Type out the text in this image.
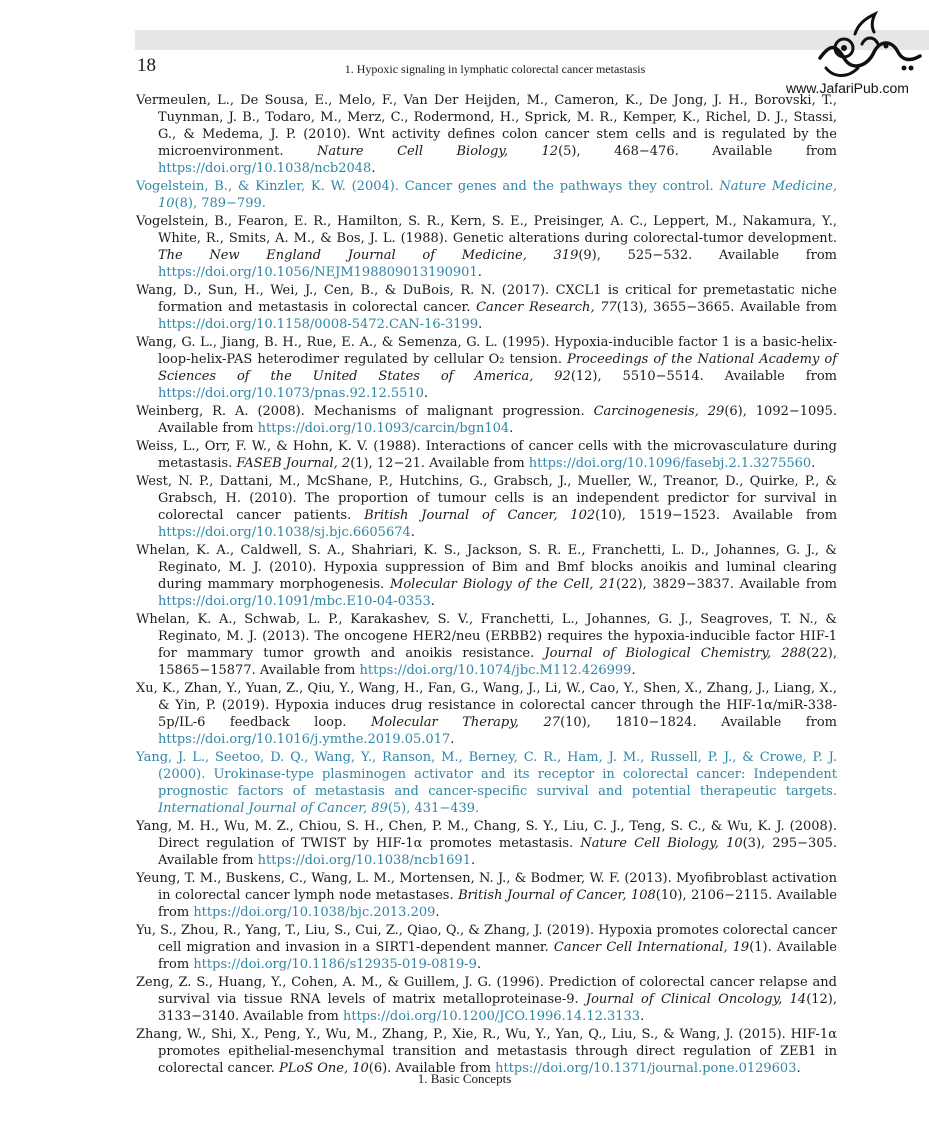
18	1. Hypoxic signaling in lymphatic colorectal cancer metastasis
www.JafariPub.com

Vermeulen, L., De Sousa, E., Melo, F., Van Der Heijden, M., Cameron, K., De Jong, J. H., Borovski, T., Tuynman, J. B., Todaro, M., Merz, C., Rodermond, H., Sprick, M. R., Kemper, K., Richel, D. J., Stassi, G., & Medema, J. P. (2010). Wnt activity defines colon cancer stem cells and is regulated by the microenvironment. Nature Cell Biology, 12(5), 468−476. Available from https://doi.org/10.1038/ncb2048.

Vogelstein, B., & Kinzler, K. W. (2004). Cancer genes and the pathways they control. Nature Medicine, 10(8), 789−799.

Vogelstein, B., Fearon, E. R., Hamilton, S. R., Kern, S. E., Preisinger, A. C., Leppert, M., Nakamura, Y., White, R., Smits, A. M., & Bos, J. L. (1988). Genetic alterations during colorectal-tumor development. The New England Journal of Medicine, 319(9), 525−532. Available from https://doi.org/10.1056/NEJM198809013190901.

Wang, D., Sun, H., Wei, J., Cen, B., & DuBois, R. N. (2017). CXCL1 is critical for premetastatic niche formation and metastasis in colorectal cancer. Cancer Research, 77(13), 3655−3665. Available from https://doi.org/10.1158/0008-5472.CAN-16-3199.

Wang, G. L., Jiang, B. H., Rue, E. A., & Semenza, G. L. (1995). Hypoxia-inducible factor 1 is a basic-helix-loop-helix-PAS heterodimer regulated by cellular O₂ tension. Proceedings of the National Academy of Sciences of the United States of America, 92(12), 5510−5514. Available from https://doi.org/10.1073/pnas.92.12.5510.

Weinberg, R. A. (2008). Mechanisms of malignant progression. Carcinogenesis, 29(6), 1092−1095. Available from https://doi.org/10.1093/carcin/bgn104.

Weiss, L., Orr, F. W., & Hohn, K. V. (1988). Interactions of cancer cells with the microvasculature during metastasis. FASEB Journal, 2(1), 12−21. Available from https://doi.org/10.1096/fasebj.2.1.3275560.

West, N. P., Dattani, M., McShane, P., Hutchins, G., Grabsch, J., Mueller, W., Treanor, D., Quirke, P., & Grabsch, H. (2010). The proportion of tumour cells is an independent predictor for survival in colorectal cancer patients. British Journal of Cancer, 102(10), 1519−1523. Available from https://doi.org/10.1038/sj.bjc.6605674.

Whelan, K. A., Caldwell, S. A., Shahriari, K. S., Jackson, S. R. E., Franchetti, L. D., Johannes, G. J., & Reginato, M. J. (2010). Hypoxia suppression of Bim and Bmf blocks anoikis and luminal clearing during mammary morphogenesis. Molecular Biology of the Cell, 21(22), 3829−3837. Available from https://doi.org/10.1091/mbc.E10-04-0353.

Whelan, K. A., Schwab, L. P., Karakashev, S. V., Franchetti, L., Johannes, G. J., Seagroves, T. N., & Reginato, M. J. (2013). The oncogene HER2/neu (ERBB2) requires the hypoxia-inducible factor HIF-1 for mammary tumor growth and anoikis resistance. Journal of Biological Chemistry, 288(22), 15865−15877. Available from https://doi.org/10.1074/jbc.M112.426999.

Xu, K., Zhan, Y., Yuan, Z., Qiu, Y., Wang, H., Fan, G., Wang, J., Li, W., Cao, Y., Shen, X., Zhang, J., Liang, X., & Yin, P. (2019). Hypoxia induces drug resistance in colorectal cancer through the HIF-1α/miR-338-5p/IL-6 feedback loop. Molecular Therapy, 27(10), 1810−1824. Available from https://doi.org/10.1016/j.ymthe.2019.05.017.

Yang, J. L., Seetoo, D. Q., Wang, Y., Ranson, M., Berney, C. R., Ham, J. M., Russell, P. J., & Crowe, P. J. (2000). Urokinase-type plasminogen activator and its receptor in colorectal cancer: Independent prognostic factors of metastasis and cancer-specific survival and potential therapeutic targets. International Journal of Cancer, 89(5), 431−439.

Yang, M. H., Wu, M. Z., Chiou, S. H., Chen, P. M., Chang, S. Y., Liu, C. J., Teng, S. C., & Wu, K. J. (2008). Direct regulation of TWIST by HIF-1α promotes metastasis. Nature Cell Biology, 10(3), 295−305. Available from https://doi.org/10.1038/ncb1691.

Yeung, T. M., Buskens, C., Wang, L. M., Mortensen, N. J., & Bodmer, W. F. (2013). Myofibroblast activation in colorectal cancer lymph node metastases. British Journal of Cancer, 108(10), 2106−2115. Available from https://doi.org/10.1038/bjc.2013.209.

Yu, S., Zhou, R., Yang, T., Liu, S., Cui, Z., Qiao, Q., & Zhang, J. (2019). Hypoxia promotes colorectal cancer cell migration and invasion in a SIRT1-dependent manner. Cancer Cell International, 19(1). Available from https://doi.org/10.1186/s12935-019-0819-9.

Zeng, Z. S., Huang, Y., Cohen, A. M., & Guillem, J. G. (1996). Prediction of colorectal cancer relapse and survival via tissue RNA levels of matrix metalloproteinase-9. Journal of Clinical Oncology, 14(12), 3133−3140. Available from https://doi.org/10.1200/JCO.1996.14.12.3133.

Zhang, W., Shi, X., Peng, Y., Wu, M., Zhang, P., Xie, R., Wu, Y., Yan, Q., Liu, S., & Wang, J. (2015). HIF-1α promotes epithelial-mesenchymal transition and metastasis through direct regulation of ZEB1 in colorectal cancer. PLoS One, 10(6). Available from https://doi.org/10.1371/journal.pone.0129603.

1. Basic Concepts
